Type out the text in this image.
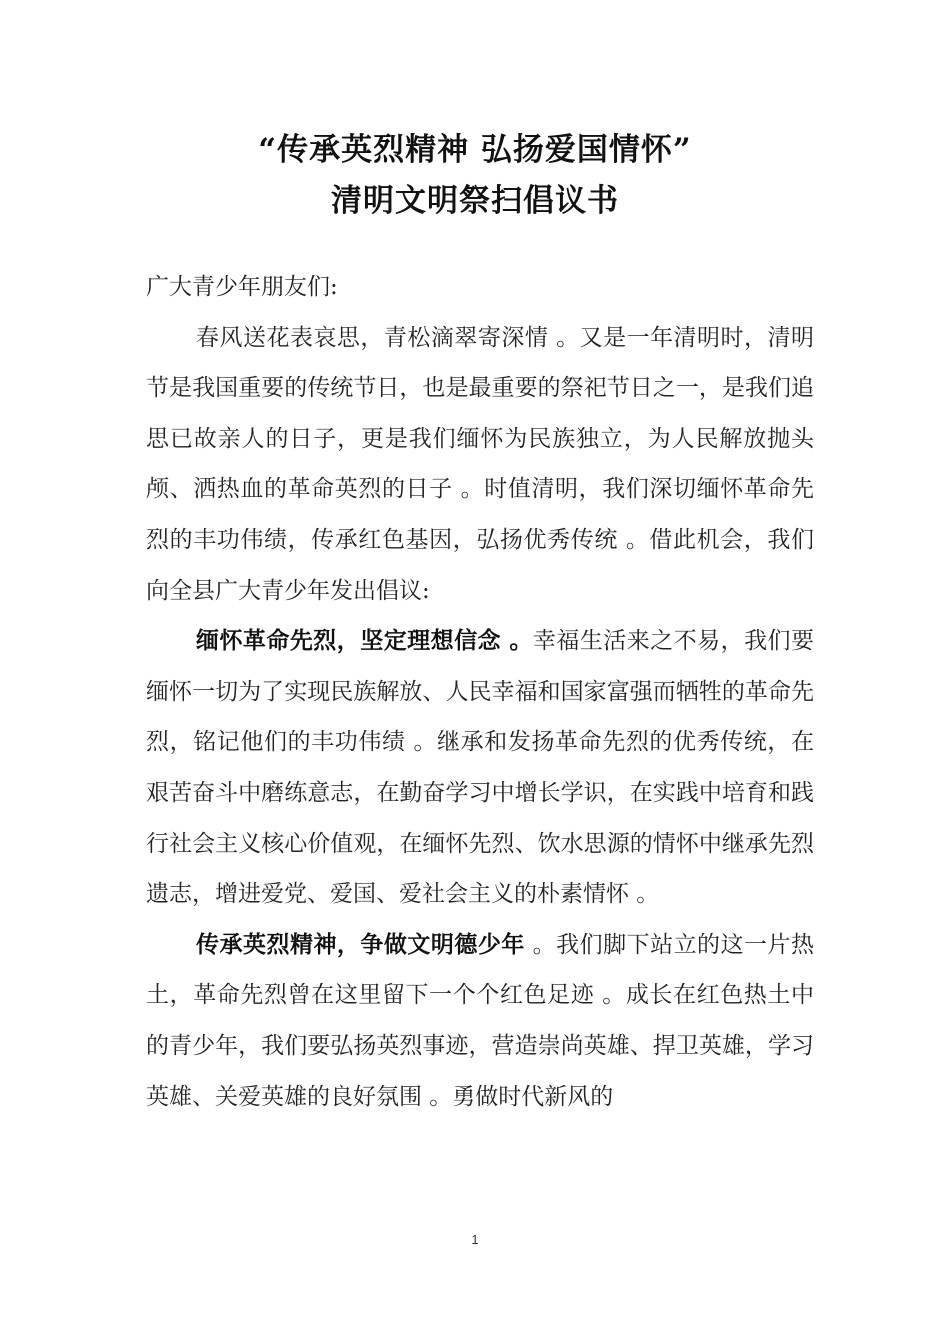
“传承英烈精神 弘扬爱国情怀”
清明文明祭扫倡议书

广大青少年朋友们:

春风送花表哀思，青松滴翠寄深情 。又是一年清明时，清明节是我国重要的传统节日，也是最重要的祭祀节日之一，是我们追思已故亲人的日子，更是我们缅怀为民族独立，为人民解放抛头颅、洒热血的革命英烈的日子 。时值清明，我们深切缅怀革命先烈的丰功伟绩，传承红色基因，弘扬优秀传统 。借此机会，我们向全县广大青少年发出倡议:

缅怀革命先烈，坚定理想信念 。幸福生活来之不易，我们要缅怀一切为了实现民族解放、人民幸福和国家富强而牺牲的革命先烈，铭记他们的丰功伟绩 。继承和发扬革命先烈的优秀传统，在艰苦奋斗中磨练意志，在勤奋学习中增长学识，在实践中培育和践行社会主义核心价值观，在缅怀先烈、饮水思源的情怀中继承先烈遗志，增进爱党、爱国、爱社会主义的朴素情怀 。

传承英烈精神，争做文明德少年 。我们脚下站立的这一片热土，革命先烈曾在这里留下一个个红色足迹 。成长在红色热土中的青少年，我们要弘扬英烈事迹，营造崇尚英雄、捍卫英雄，学习英雄、关爱英雄的良好氛围 。勇做时代新风的

1
